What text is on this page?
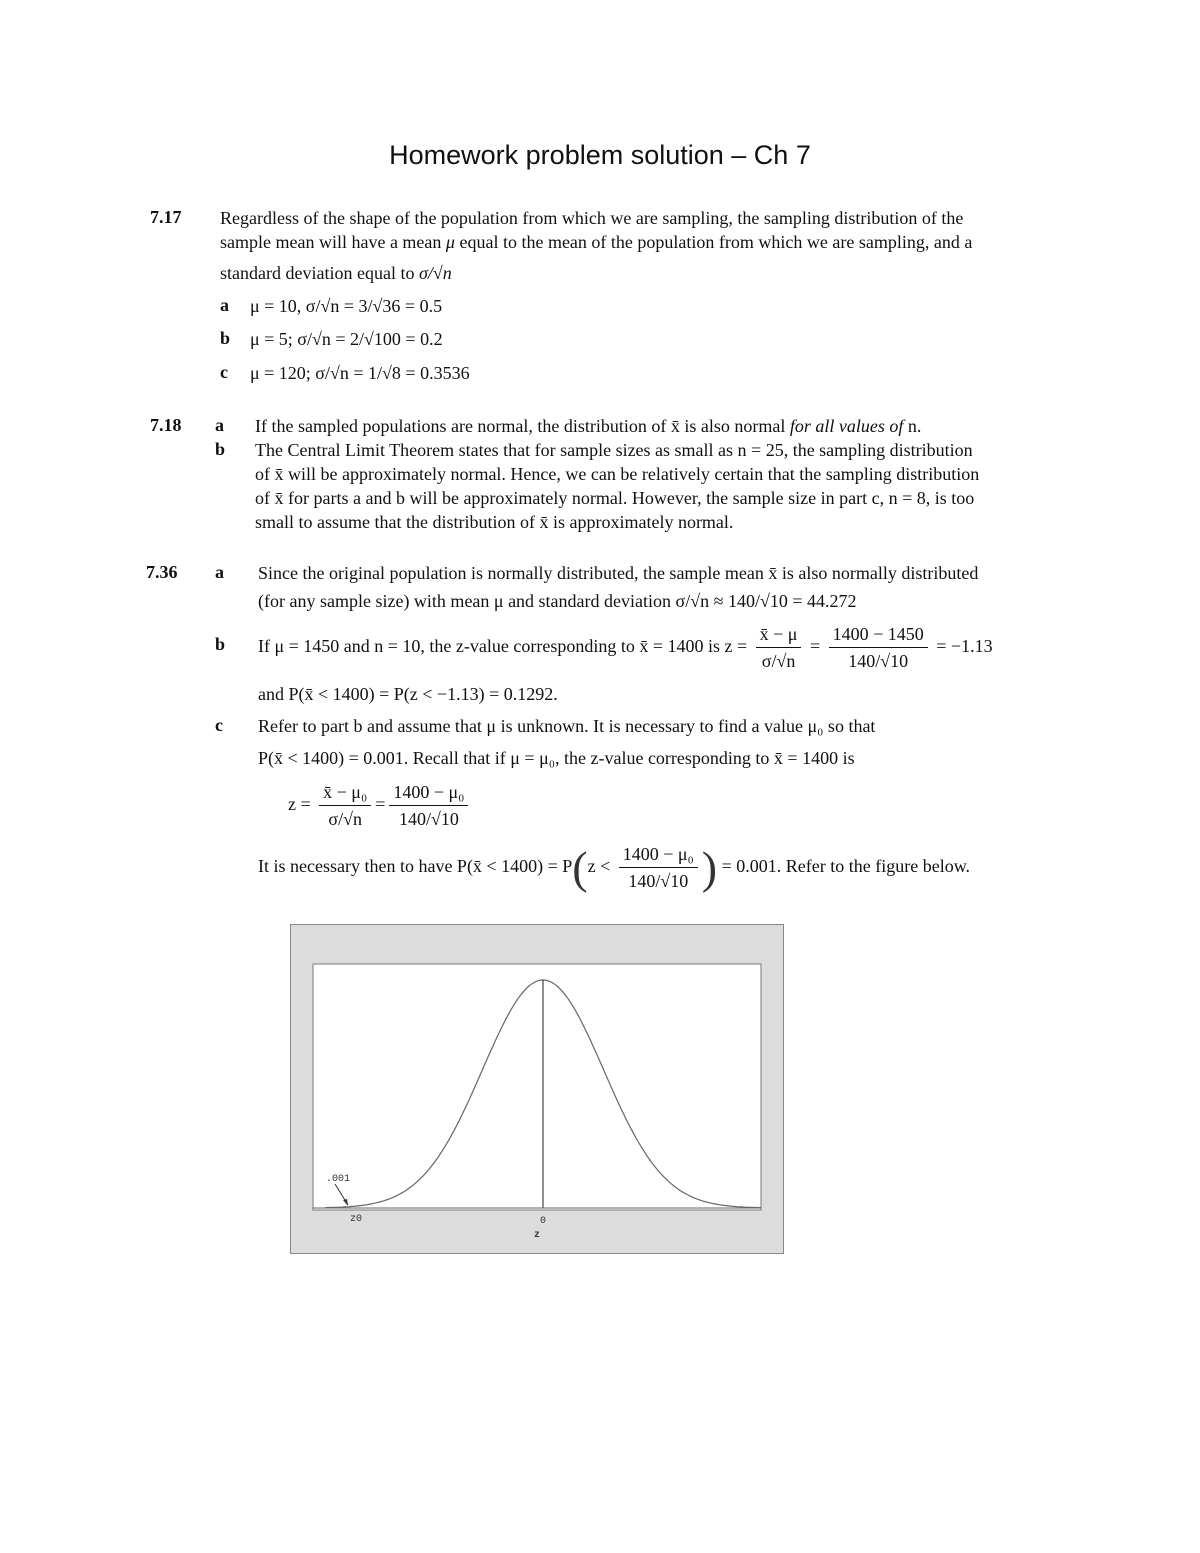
Homework problem solution – Ch 7
7.17 Regardless of the shape of the population from which we are sampling, the sampling distribution of the
sample mean will have a mean μ equal to the mean of the population from which we are sampling, and a
standard deviation equal to σ/√n
a μ = 10, σ/√n = 3/√36 = 0.5
b μ = 5; σ/√n = 2/√100 = 0.2
c μ = 120; σ/√n = 1/√8 = 0.3536
7.18 a If the sampled populations are normal, the distribution of x̄ is also normal for all values of n.
b The Central Limit Theorem states that for sample sizes as small as n = 25, the sampling distribution
of x̄ will be approximately normal. Hence, we can be relatively certain that the sampling distribution
of x̄ for parts a and b will be approximately normal. However, the sample size in part c, n = 8, is too
small to assume that the distribution of x̄ is approximately normal.
7.36 a Since the original population is normally distributed, the sample mean x̄ is also normally distributed
(for any sample size) with mean μ and standard deviation σ/√n ≈ 140/√10 = 44.272
b If μ = 1450 and n = 10, the z-value corresponding to x̄ = 1400 is $z = \frac{x̄ - \mu}{\sigma/√n} = \frac{1400 - 1450}{140/√10} = -1.13$
and P(x̄ < 1400) = P(z < −1.13) = 0.1292.
c Refer to part b and assume that μ is unknown. It is necessary to find a value μ₀ so that
P(x̄ < 1400) = 0.001. Recall that if μ = μ₀, the z-value corresponding to x̄ = 1400 is
$z = \frac{\text{x̄ − μ₀}}{\sigma/√n} = \frac{\text{1400 − μ₀}}{140/√10}$
It is necessary then to have P(x̄ < $1400) = P(z < \frac{\text{1400 − μ₀}}{140/√10}$ ) = 0.001. Refer to the figure below.
.001
z0	0
z
